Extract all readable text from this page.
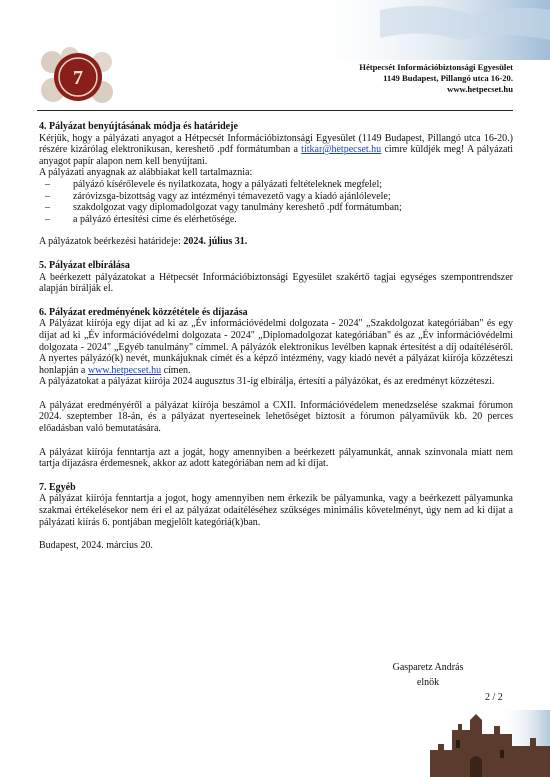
7	Hétpecsét Információbiztonsági Egyesület
1149 Budapest, Pillangó utca 16-20.
www.hetpecset.hu
4. Pályázat benyújtásának módja és határideje

Kérjük, hogy a pályázati anyagot a Hétpecsét Információbiztonsági Egyesület (1149 Budapest, Pillangó utca 16-20.) részére kizárólag elektronikusan, kereshető .pdf formátumban a titkar@hetpecset.hu cimre küldjék meg! A pályázati anyagot papír alapon nem kell benyújtani.

A pályázati anyagnak az alábbiakat kell tartalmaznia:

– pályázó kísérőlevele és nyilatkozata, hogy a pályázati feltételeknek megfelel;
– záróvizsga-bizottság vagy az intézményi témavezető vagy a kiadó ajánlólevele;
– szakdolgozat vagy diplomadolgozat vagy tanulmány kereshető .pdf formátumban;
– a pályázó értesítési címe és elérhetősége.

A pályázatok beérkezési határideje: 2024. július 31.

5. Pályázat elbírálása

A beérkezett pályázatokat a Hétpecsét Információbiztonsági Egyesület szakértő tagjai egységes szempontrendszer alapján bírálják el.

6. Pályázat eredményének közzététele és díjazása

A Pályázat kiírója egy díjat ad ki az „Év információvédelmi dolgozata - 2024" „Szakdolgozat kategóriában" és egy díjat ad ki „Év információvédelmi dolgozata - 2024" „Diplomadolgozat kategóriában" és az „Év információvédelmi dolgozata - 2024" „Egyéb tanulmány" címmel. A pályázók elektronikus levélben kapnak értesítést a díj odaítéléséről. A nyertes pályázó(k) nevét, munkájuknak címét és a képző intézmény, vagy kiadó nevét a pályázat kiírója közzéteszi honlapján a www.hetpecset.hu címen.

A pályázatokat a pályázat kiírója 2024 augusztus 31-ig elbírálja, értesíti a pályázókat, és az eredményt közzéteszi.

A pályázat eredményéről a pályázat kiírója beszámol a CXII. Információvédelem menedzselése szakmai fórumon 2024. szeptember 18-án, és a pályázat nyerteseinek lehetőséget biztosít a fórumon pályaművük kb. 20 perces előadásban való bemutatására.

A pályázat kiírója fenntartja azt a jogát, hogy amennyiben a beérkezett pályamunkát, annak színvonala miatt nem tartja díjazásra érdemesnek, akkor az adott kategóriában nem ad ki díjat.

7. Egyéb

A pályázat kiírója fenntartja a jogot, hogy amennyiben nem érkezik be pályamunka, vagy a beérkezett pályamunka szakmai értékelésekor nem éri el az pályázat odaítéléséhez szükséges minimális követelményt, úgy nem ad ki díjat a pályázati kiírás 6. pontjában megjelölt kategóriá(k)ban.

Budapest, 2024. március 20.

Gasparetz András
elnök
2 / 2
